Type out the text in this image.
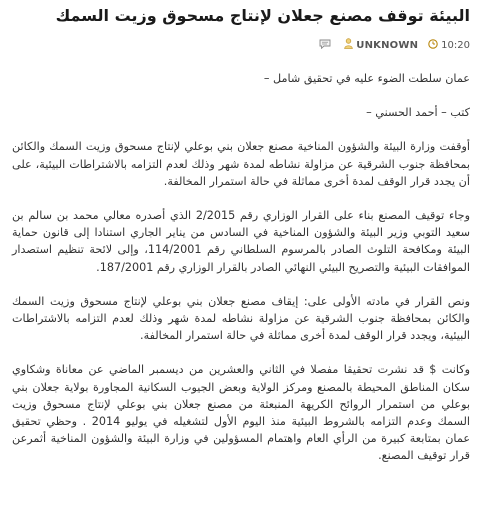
البيئة توقف مصنع جعلان لإنتاج مسحوق وزيت السمك
10:20
UNKNOWN

عمان سلطت الضوء عليه في تحقيق شامل –

كتب – أحمد الحسني –

أوقفت وزارة البيئة والشؤون المناخية مصنع جعلان بني بوعلي لإنتاج مسحوق وزيت السمك والكائن بمحافظة جنوب الشرقية عن مزاولة نشاطه لمدة شهر وذلك لعدم التزامه بالاشتراطات البيئية، على أن يجدد قرار الوقف لمدة أخرى مماثلة في حالة استمرار المخالفة.

وجاء توقيف المصنع بناء على القرار الوزاري رقم 2/2015 الذي أصدره معالي محمد بن سالم بن سعيد التوبي وزير البيئة والشؤون المناخية في السادس من يناير الجاري استنادا إلى قانون حماية البيئة ومكافحة التلوث الصادر بالمرسوم السلطاني رقم 114/2001، وإلى لائحة تنظيم استصدار الموافقات البيئية والتصريح البيئي النهائي الصادر بالقرار الوزاري رقم 187/2001.

ونص القرار في مادته الأولى على: إيقاف مصنع جعلان بني بوعلي لإنتاج مسحوق وزيت السمك والكائن بمحافظة جنوب الشرقية عن مزاولة نشاطه لمدة شهر وذلك لعدم التزامه بالاشتراطات البيئية، ويجدد قرار الوقف لمدة أخرى مماثلة في حالة استمرار المخالفة.

وكانت $ قد نشرت تحقيقا مفصلا في الثاني والعشرين من ديسمبر الماضي عن معاناة وشكاوي سكان المناطق المحيطة بالمصنع ومركز الولاية وبعض الجيوب السكانية المجاورة بولاية جعلان بني بوعلي من استمرار الروائح الكريهة المنبعثة من مصنع جعلان بني بوعلي لإنتاج مسحوق وزيت السمك وعدم التزامه بالشروط البيئية منذ اليوم الأول لتشغيله في يوليو 2014 . وحظي تحقيق عمان بمتابعة كبيرة من الرأي العام واهتمام المسؤولين في وزارة البيئة والشؤون المناخية أثمرعن قرار توقيف المصنع.
